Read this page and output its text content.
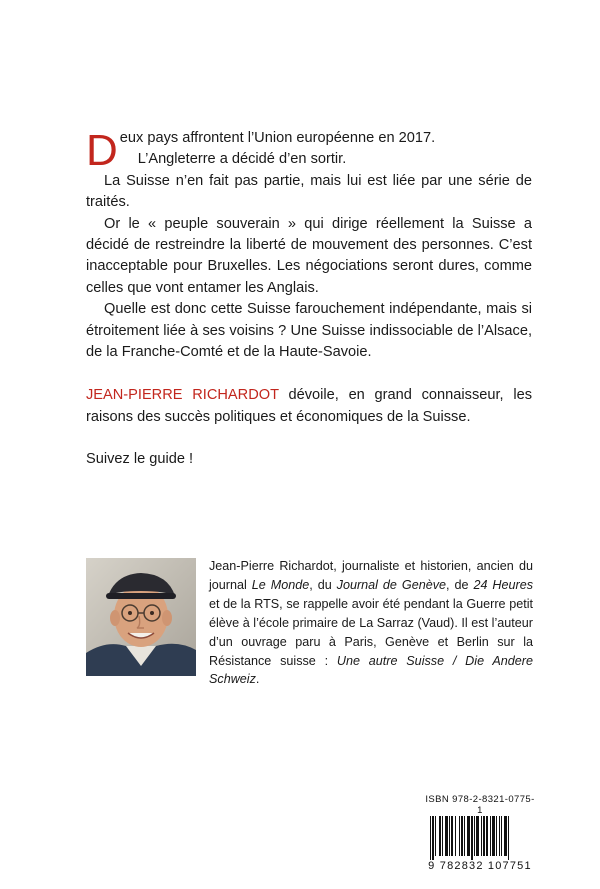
Deux pays affrontent l’Union européenne en 2017.

L’Angleterre a décidé d’en sortir.

La Suisse n’en fait pas partie, mais lui est liée par une série de traités.

Or le « peuple souverain » qui dirige réellement la Suisse a décidé de restreindre la liberté de mouvement des personnes. C’est inacceptable pour Bruxelles. Les négociations seront dures, comme celles que vont entamer les Anglais.

Quelle est donc cette Suisse farouchement indépendante, mais si étroitement liée à ses voisins ? Une Suisse indissociable de l’Alsace, de la Franche-Comté et de la Haute-Savoie.

JEAN-PIERRE RICHARDOT dévoile, en grand connaisseur, les raisons des succès politiques et économiques de la Suisse.

Suivez le guide !

Jean-Pierre Richardot, journaliste et historien, ancien du journal Le Monde, du Journal de Genève, de 24 Heures et de la RTS, se rappelle avoir été pendant la Guerre petit élève à l’école primaire de La Sarraz (Vaud). Il est l’auteur d’un ouvrage paru à Paris, Genève et Berlin sur la Résistance suisse : Une autre Suisse / Die Andere Schweiz.
ISBN 978-2-8321-0775-1
9 782832 107751
